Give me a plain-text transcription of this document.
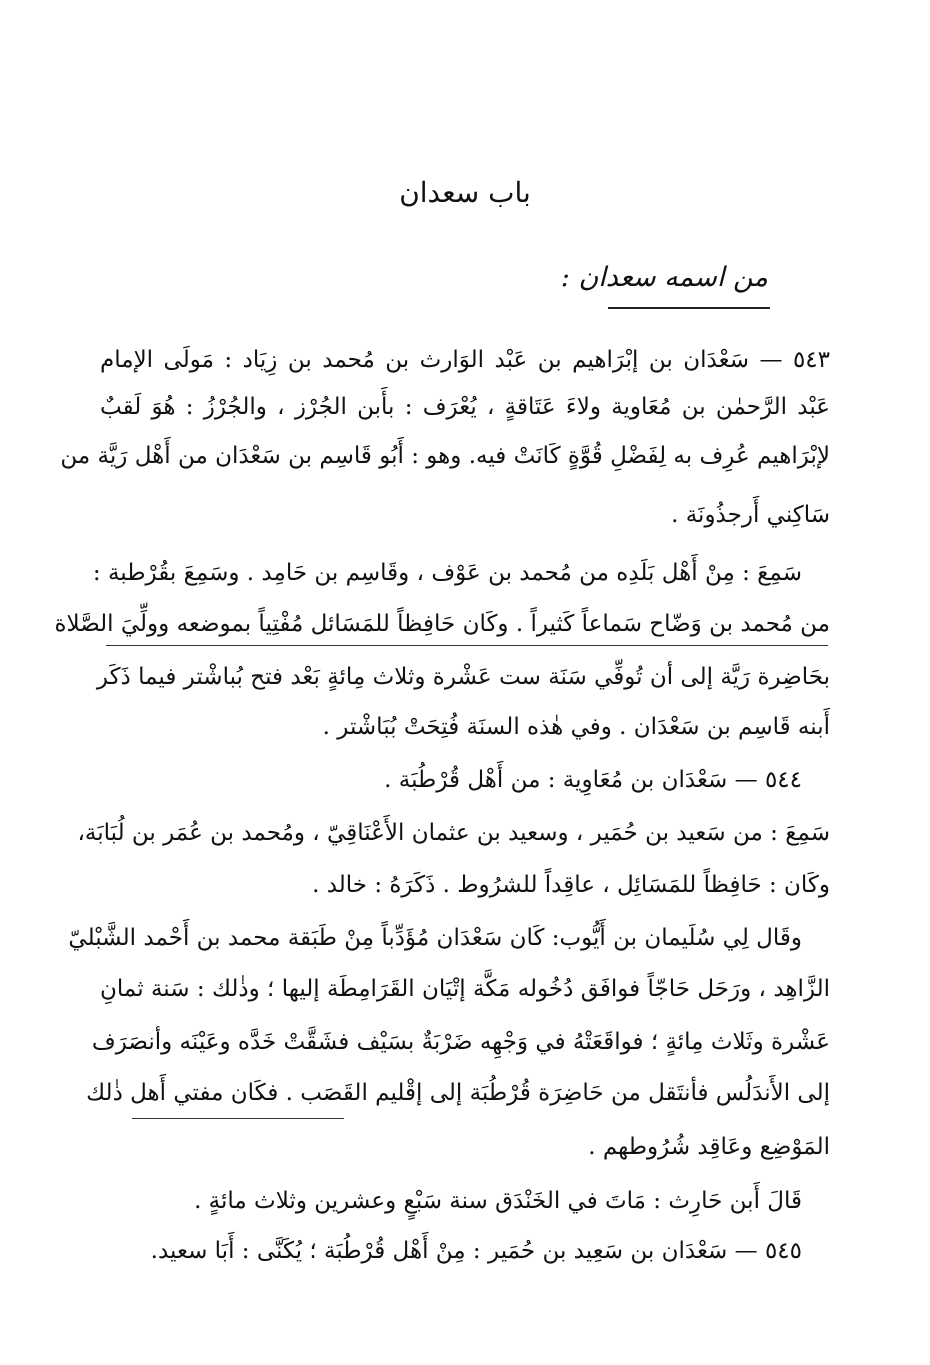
باب سعدان
من اسمه سعدان :
٥٤٣ — سَعْدَان بن إبْرَاهيم بن عَبْد الوَارث بن مُحمد بن زِيَاد : مَولَى الإمام
عَبْد الرَّحمٰن بن مُعَاوية ولاءَ عَتَاقةٍ ، يُعْرَف : بأَبن الجُرْز ، والجُرْزُ : هُوَ لَقبٌ
لإبْرَاهيم عُرِف به لِفَضْلِ قُوَّةٍ كَانَتْ فيه. وهو : أَبُو قَاسِم بن سَعْدَان من أَهْل رَيَّة من
سَاكِني أَرجذُونَة .
سَمِعَ : مِنْ أَهْل بَلَدِه من مُحمد بن عَوْف ، وقَاسِم بن حَامِد . وسَمِعَ بقُرْطبة :
من مُحمد بن وَضّاح سَماعاً كَثيراً . وكَان حَافِظاً للمَسَائل مُفْتِياً بموضعه وولِّيَ الصَّلاة
بحَاضِرة رَيَّة إلى أن تُوفِّي سَنَة ست عَشْرة وثلاث مِائةٍ بَعْد فتح بُباشْتر فيما ذَكَر
أَبنه قَاسِم بن سَعْدَان . وفي هٰذه السنَة فُتِحَتْ بُبَاشْتر .
٥٤٤ — سَعْدَان بن مُعَاوِية : من أَهْل قُرْطُبَة .
سَمِعَ : من سَعيد بن حُمَير ، وسعيد بن عثمان الأَعْنَاقِيّ ، ومُحمد بن عُمَر بن لُبَابَة،
وكَان : حَافِظاً للمَسَائِل ، عاقِداً للشرُوط . ذَكَرَهُ : خالد .
وقَال لِي سُلَيمان بن أَيُّوب: كَان سَعْدَان مُؤَدِّباً مِنْ طَبَقة محمد بن أَحْمد الشَّبْليّ
الزَّاهِد ، ورَحَل حَاجّاً فوافَق دُخُوله مَكَّة إتْيَان القَرَامِطَة إليها ؛ وذٰلك : سَنة ثمانِ
عَشْرة وثَلاث مِائةٍ ؛ فواقَعَتْهُ في وَجْهِه ضَرْبَةٌ بسَيْف فشَقَّتْ خَدَّه وعَيْنَه وأنصَرَف
إلى الأَندَلُس فأنتَقل من حَاضِرَة قُرْطُبَة إلى إقْليم القَصَب . فكَان مفتي أَهل ذٰلك
المَوْضِع وعَاقِد شُرُوطهم .
قَالَ أَبن حَارِث : مَاتَ في الخَنْدَق سنة سَبْعٍ وعشرين وثلاث مائةٍ .
٥٤٥ — سَعْدَان بن سَعِيد بن حُمَير : مِنْ أَهْل قُرْطُبَة ؛ يُكَنَّى : أَبَا سعيد.
